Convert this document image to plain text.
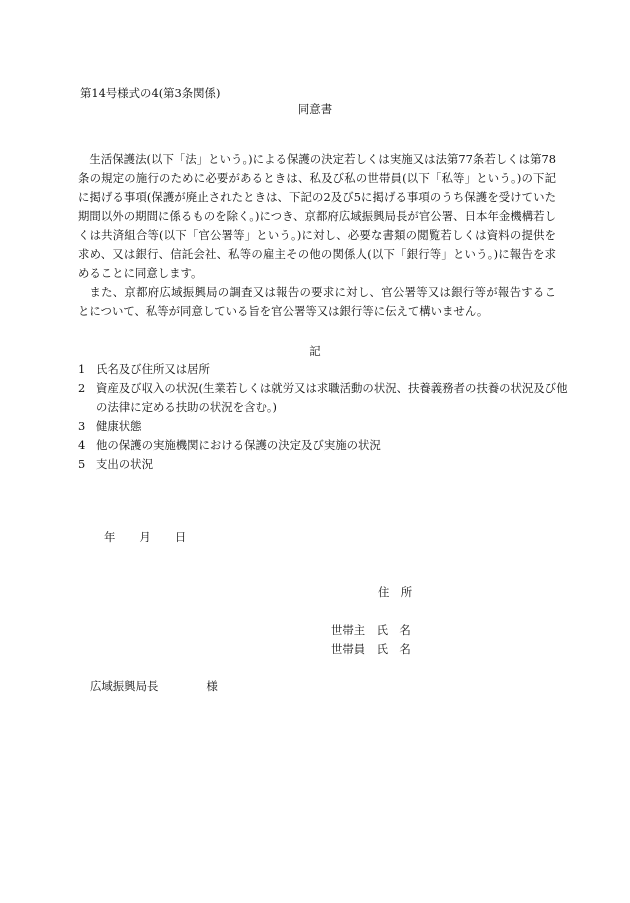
第14号様式の4(第3条関係)
同意書

生活保護法(以下「法」という。)による保護の決定若しくは実施又は法第77条若しくは第78条の規定の施行のために必要があるときは、私及び私の世帯員(以下「私等」という。)の下記に掲げる事項(保護が廃止されたときは、下記の2及び5に掲げる事項のうち保護を受けていた期間以外の期間に係るものを除く。)につき、京都府広域振興局長が官公署、日本年金機構若しくは共済組合等(以下「官公署等」という。)に対し、必要な書類の閲覧若しくは資料の提供を求め、又は銀行、信託会社、私等の雇主その他の関係人(以下「銀行等」という。)に報告を求めることに同意します。

また、京都府広域振興局の調査又は報告の要求に対し、官公署等又は銀行等が報告することについて、私等が同意している旨を官公署等又は銀行等に伝えて構いません。

記
1 氏名及び住所又は居所
2 資産及び収入の状況(生業若しくは就労又は求職活動の状況、扶養義務者の扶養の状況及び他の法律に定める扶助の状況を含む。)
3 健康状態
4 他の保護の実施機関における保護の決定及び実施の状況
5 支出の状況
年 月 日
住　所
世帯主　氏　名
世帯員　氏　名
広域振興局長	様
